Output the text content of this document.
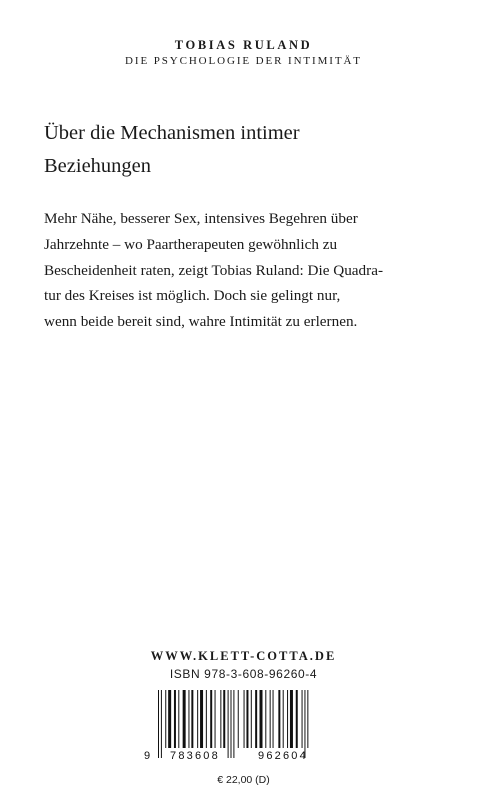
TOBIAS RULAND
DIE PSYCHOLOGIE DER INTIMITÄT
Über die Mechanismen intimer
Beziehungen
Mehr Nähe, besserer Sex, intensives Begehren über
Jahrzehnte – wo Paartherapeuten gewöhnlich zu
Bescheidenheit raten, zeigt Tobias Ruland: Die Quadra-
tur des Kreises ist möglich. Doch sie gelingt nur,
wenn beide bereit sind, wahre Intimität zu erlernen.
WWW.KLETT-COTTA.DE
ISBN 978-3-608-96260-4
9 783608	962604
€ 22,00 (D)
